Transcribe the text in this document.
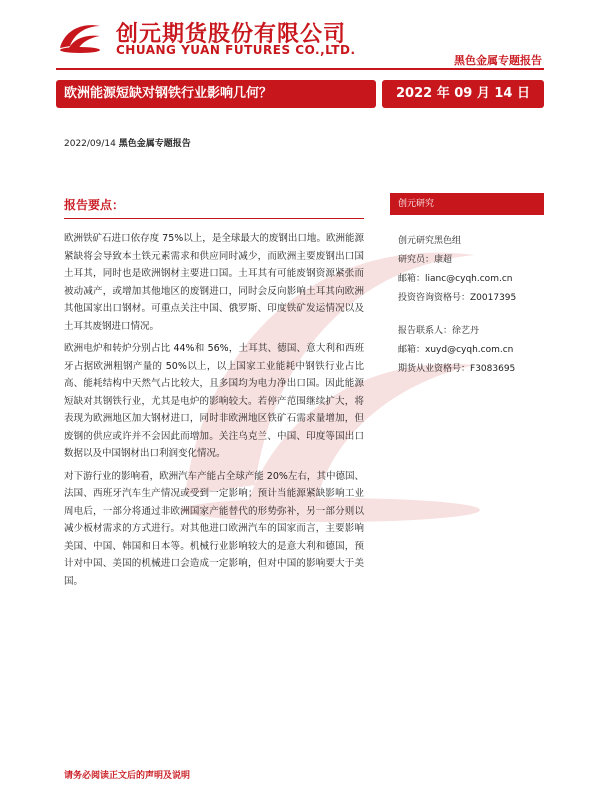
创元期货股份有限公司
CHUANG YUAN FUTURES CO.,LTD.
黑色金属专题报告
欧洲能源短缺对钢铁行业影响几何？	2022 年 09 月 14 日
2022/09/14 黑色金属专题报告
报告要点：

欧洲铁矿石进口依存度 75%以上，是全球最大的废钢出口地。欧洲能源紧缺将会导致本土铁元素需求和供应同时减少，而欧洲主要废钢出口国土耳其，同时也是欧洲钢材主要进口国。土耳其有可能废钢资源紧张而被动减产，或增加其他地区的废钢进口，同时会反向影响土耳其向欧洲其他国家出口钢材。可重点关注中国、俄罗斯、印度铁矿发运情况以及土耳其废钢进口情况。

欧洲电炉和转炉分别占比 44%和 56%，土耳其、德国、意大利和西班牙占据欧洲粗钢产量的 50%以上，以上国家工业能耗中钢铁行业占比高、能耗结构中天然气占比较大，且多国均为电力净出口国。因此能源短缺对其钢铁行业，尤其是电炉的影响较大。若停产范围继续扩大，将表现为欧洲地区加大钢材进口，同时非欧洲地区铁矿石需求量增加，但废钢的供应或许并不会因此而增加。关注乌克兰、中国、印度等国出口数据以及中国钢材出口利润变化情况。

对下游行业的影响看，欧洲汽车产能占全球产能 20%左右，其中德国、法国、西班牙汽车生产情况或受到一定影响；预计当能源紧缺影响工业周电后，一部分将通过非欧洲国家产能替代的形势弥补，另一部分则以减少板材需求的方式进行。对其他进口欧洲汽车的国家而言，主要影响美国、中国、韩国和日本等。机械行业影响较大的是意大利和德国，预计对中国、美国的机械进口会造成一定影响，但对中国的影响要大于美国。

创元研究
创元研究黑色组
研究员：康超
邮箱：lianc@cyqh.com.cn
投资咨询资格号：Z0017395
报告联系人：徐艺丹
邮箱：xuyd@cyqh.com.cn
期货从业资格号：F3083695
请务必阅读正文后的声明及说明
